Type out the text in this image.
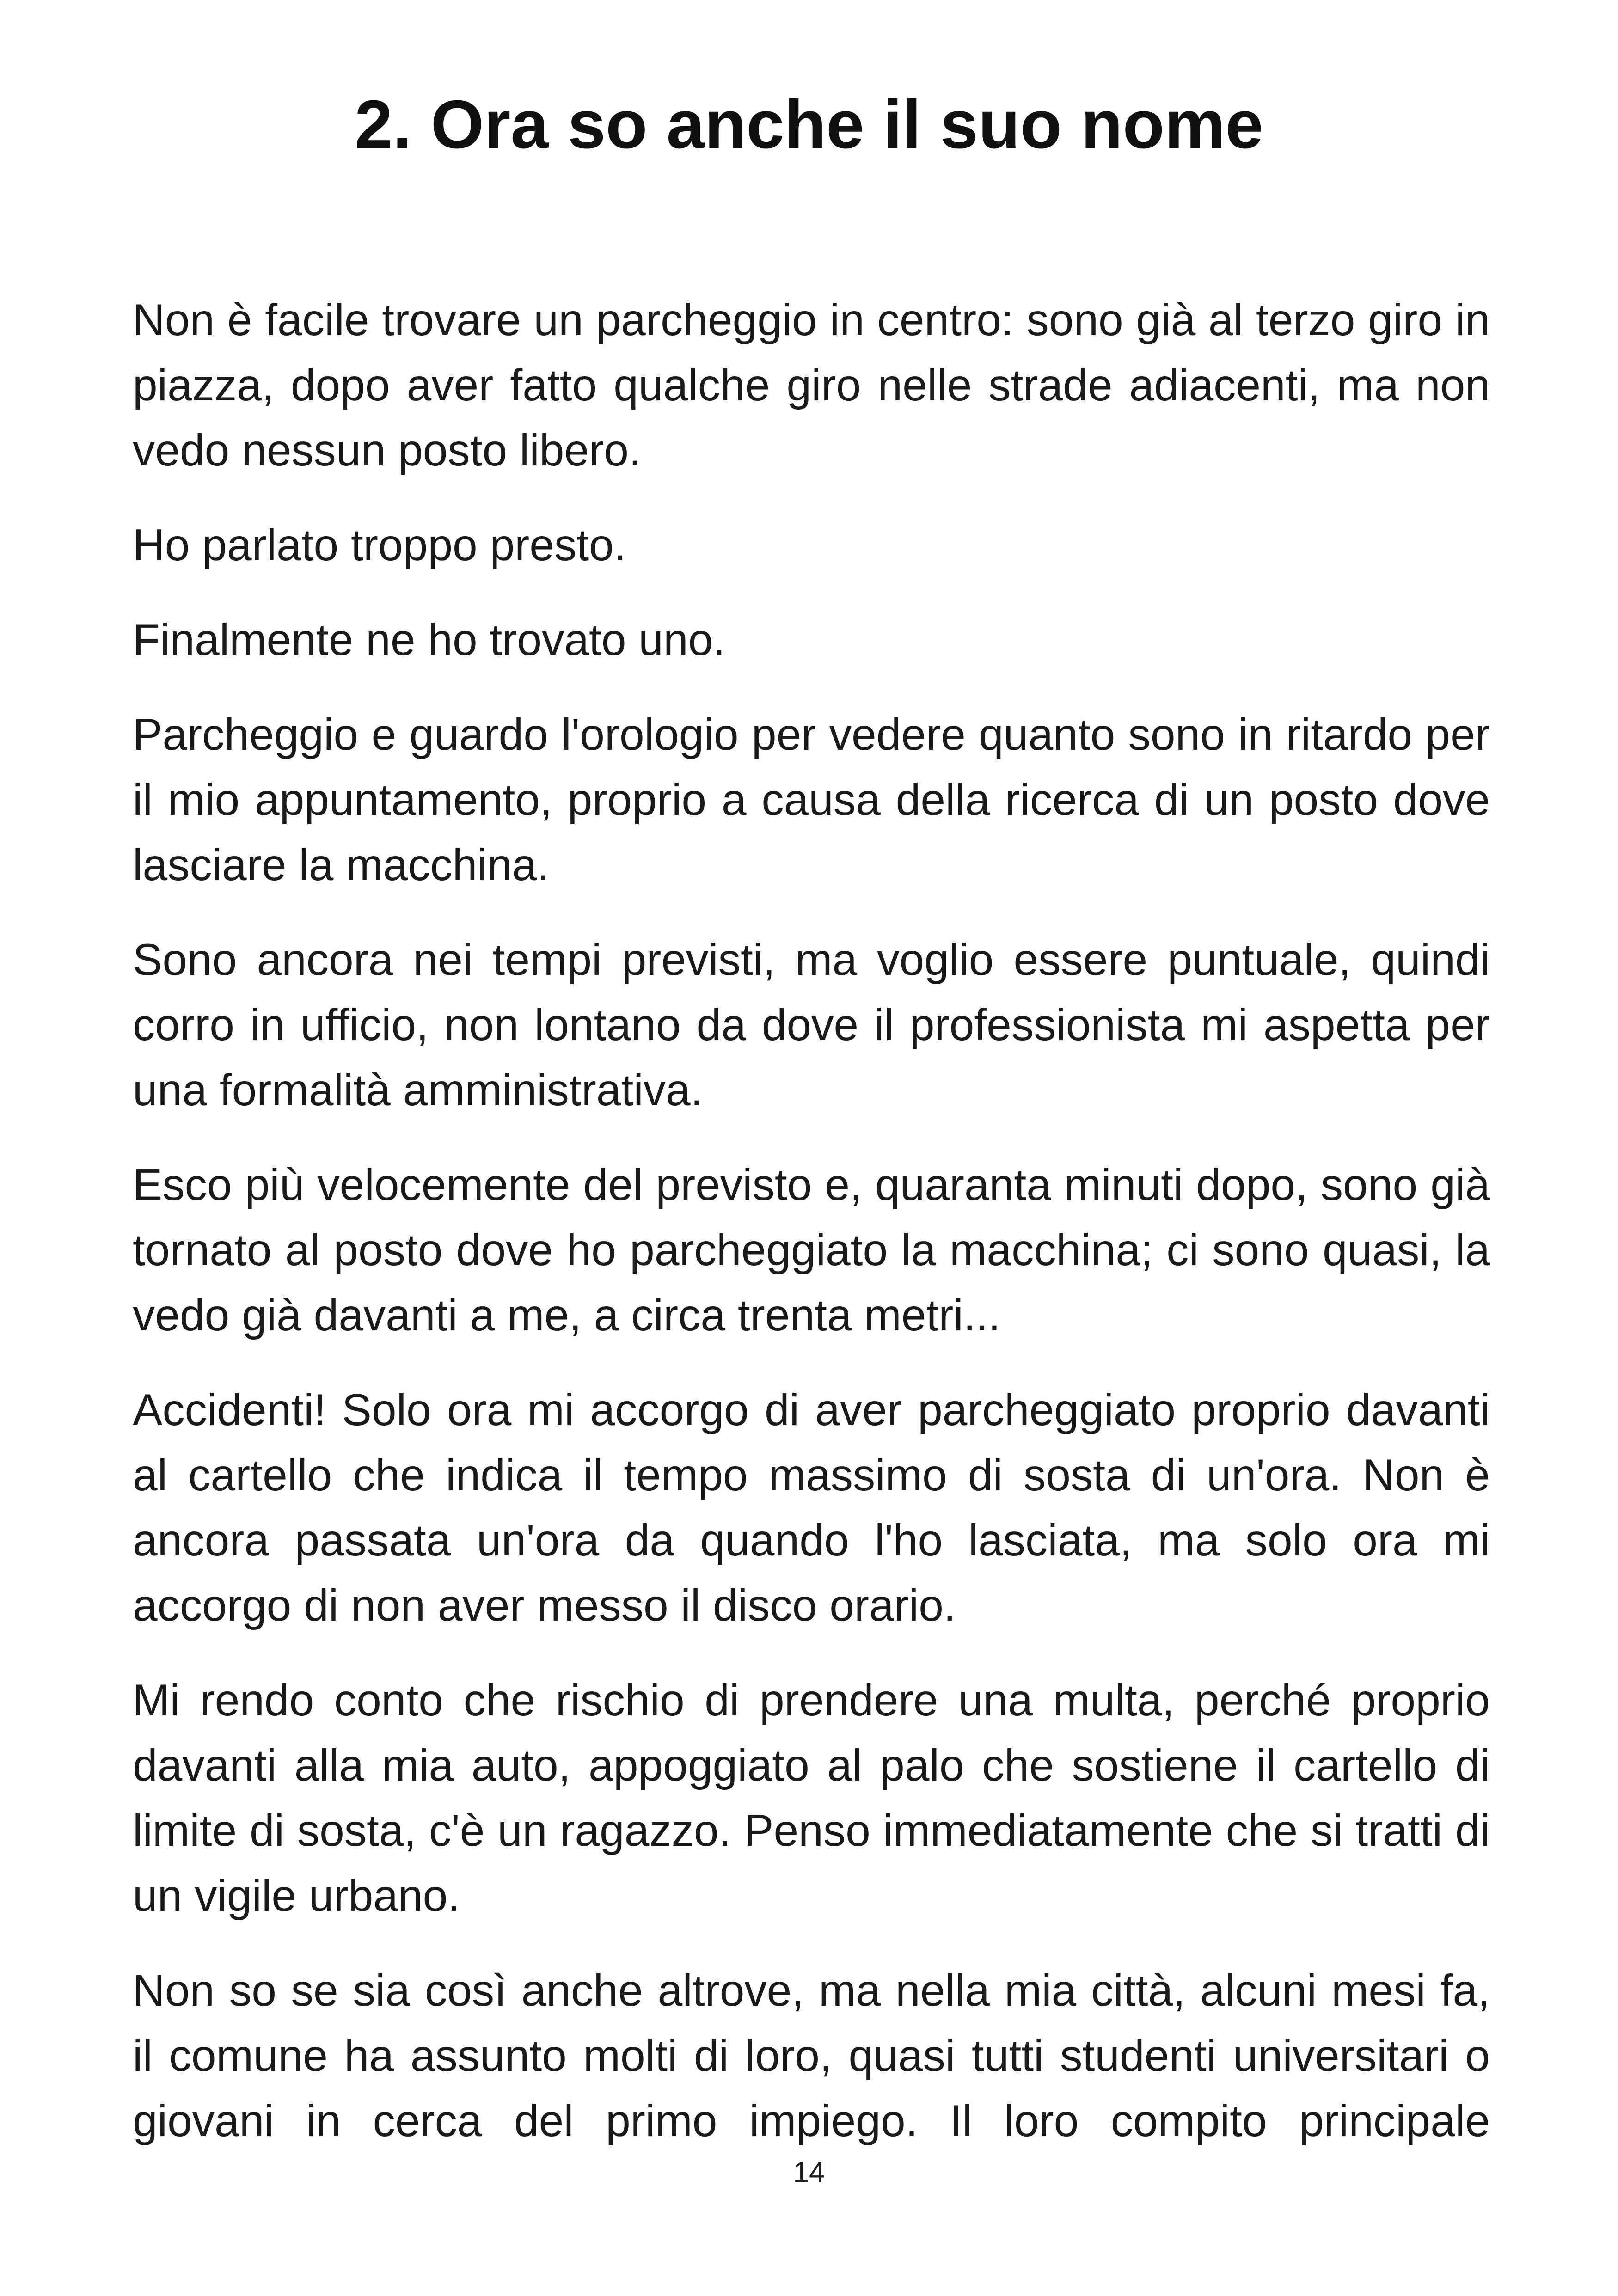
2. Ora so anche il suo nome

Non è facile trovare un parcheggio in centro: sono già al terzo giro in piazza, dopo aver fatto qualche giro nelle strade adiacenti, ma non vedo nessun posto libero.

Ho parlato troppo presto.

Finalmente ne ho trovato uno.

Parcheggio e guardo l'orologio per vedere quanto sono in ritardo per il mio appuntamento, proprio a causa della ricerca di un posto dove lasciare la macchina.

Sono ancora nei tempi previsti, ma voglio essere puntuale, quindi corro in ufficio, non lontano da dove il professionista mi aspetta per una formalità amministrativa.

Esco più velocemente del previsto e, quaranta minuti dopo, sono già tornato al posto dove ho parcheggiato la macchina; ci sono quasi, la vedo già davanti a me, a circa trenta metri...

Accidenti! Solo ora mi accorgo di aver parcheggiato proprio davanti al cartello che indica il tempo massimo di sosta di un'ora. Non è ancora passata un'ora da quando l'ho lasciata, ma solo ora mi accorgo di non aver messo il disco orario.

Mi rendo conto che rischio di prendere una multa, perché proprio davanti alla mia auto, appoggiato al palo che sostiene il cartello di limite di sosta, c'è un ragazzo. Penso immediatamente che si tratti di un vigile urbano.

Non so se sia così anche altrove, ma nella mia città, alcuni mesi fa, il comune ha assunto molti di loro, quasi tutti studenti universitari o giovani in cerca del primo impiego. Il loro compito principale

14
